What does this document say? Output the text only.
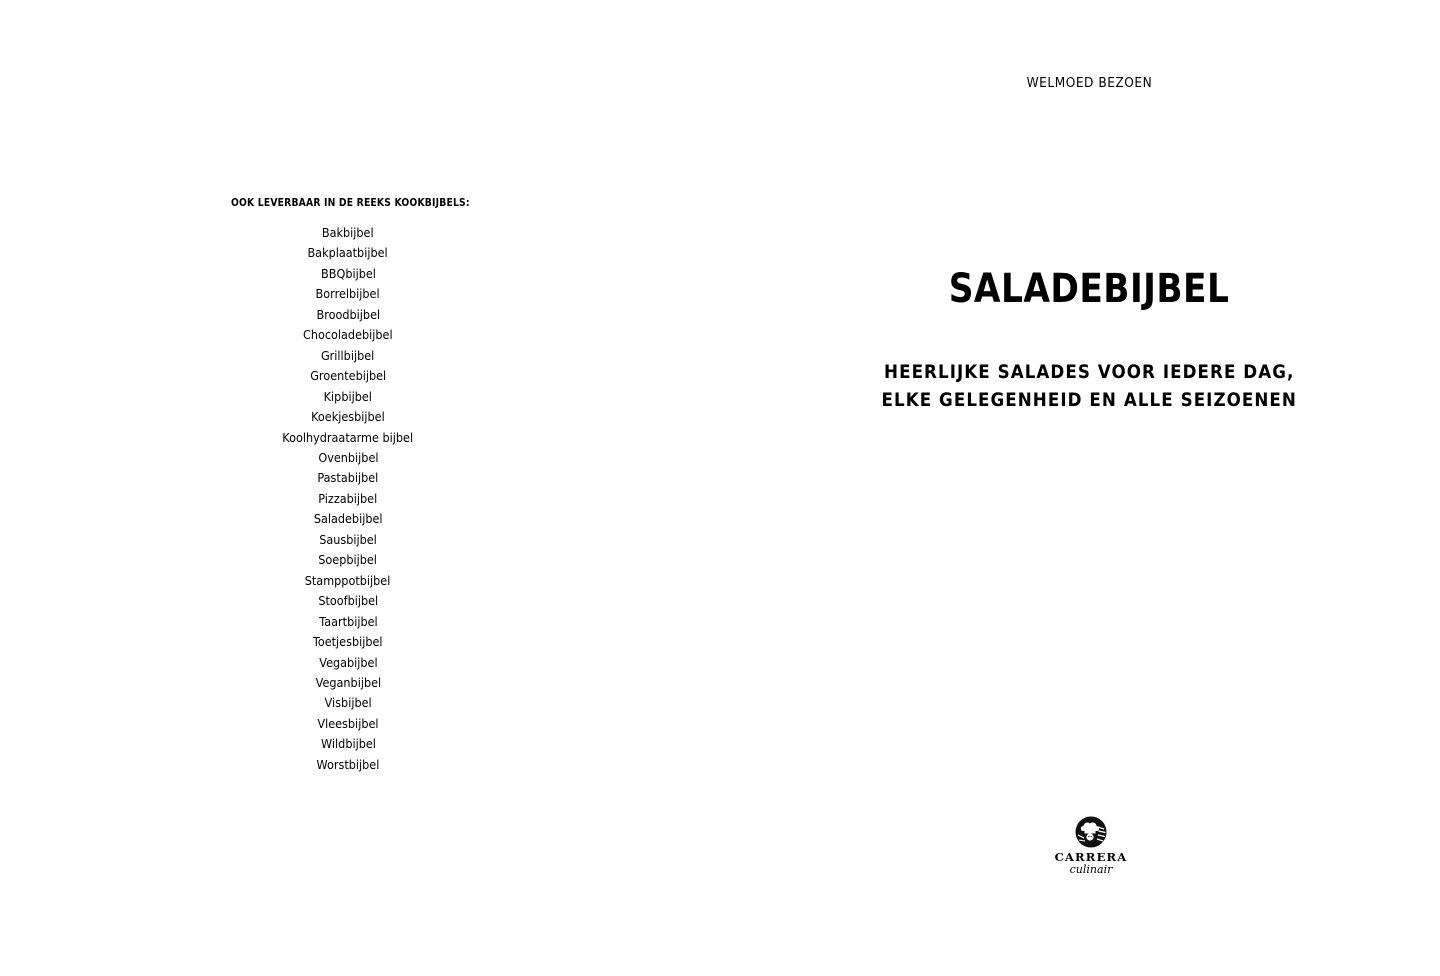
OOK LEVERBAAR IN DE REEKS KOOKBIJBELS:
Bakbijbel
Bakplaatbijbel
BBQbijbel
Borrelbijbel
Broodbijbel
Chocoladebijbel
Grillbijbel
Groentebijbel
Kipbijbel
Koekjesbijbel
Koolhydraatarme bijbel
Ovenbijbel
Pastabijbel
Pizzabijbel
Saladebijbel
Sausbijbel
Soepbijbel
Stamppotbijbel
Stoofbijbel
Taartbijbel
Toetjesbijbel
Vegabijbel
Veganbijbel
Visbijbel
Vleesbijbel
Wildbijbel
Worstbijbel
WELMOED BEZOEN
SALADEBIJBEL
HEERLIJKE SALADES VOOR IEDERE DAG,
ELKE GELEGENHEID EN ALLE SEIZOENEN
CARRERA
culinair
